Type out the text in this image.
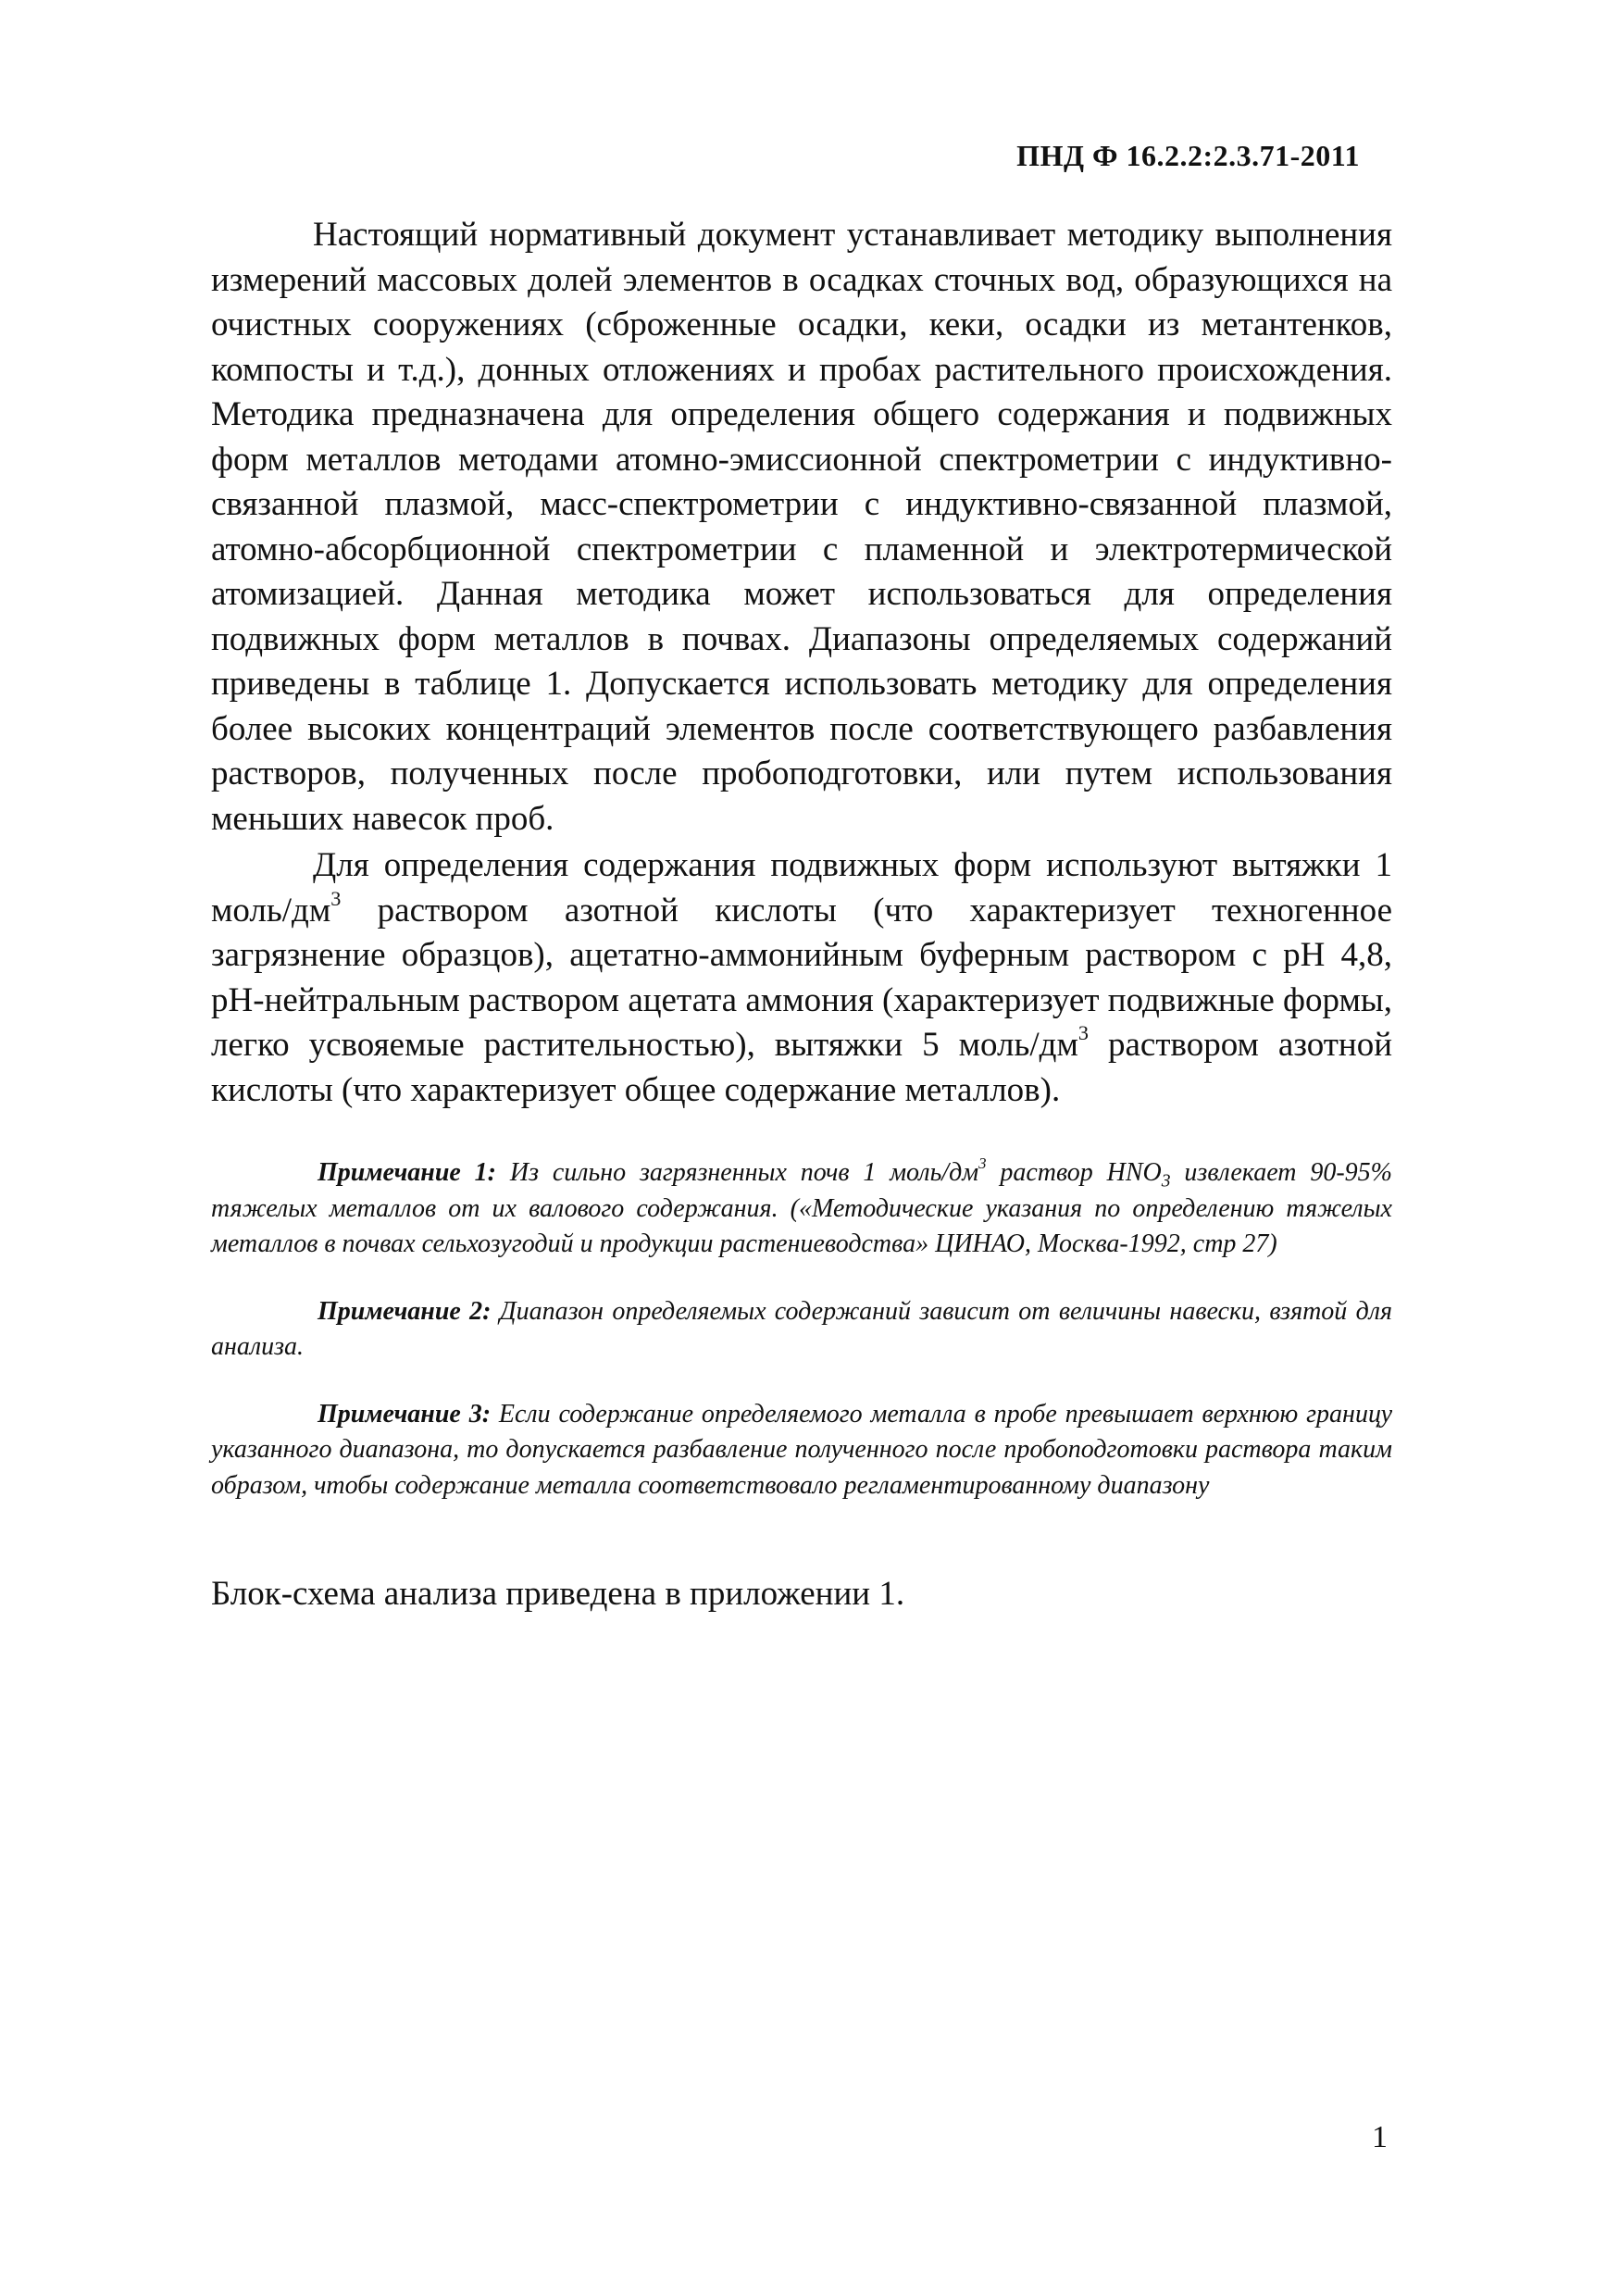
ПНД Ф 16.2.2:2.3.71-2011

Настоящий нормативный документ устанавливает методику выполнения измерений массовых долей элементов в осадках сточных вод, образующихся на очистных сооружениях (сброженные осадки, кеки, осадки из метантенков, компосты и т.д.), донных отложениях и пробах растительного происхождения. Методика предназначена для определения общего содержания и подвижных форм металлов методами атомно-эмиссионной спектрометрии с индуктивно-связанной плазмой, масс-спектрометрии с индуктивно-связанной плазмой, атомно-абсорбционной спектрометрии с пламенной и электротермической атомизацией. Данная методика может использоваться для определения подвижных форм металлов в почвах. Диапазоны определяемых содержаний приведены в таблице 1. Допускается использовать методику для определения более высоких концентраций элементов после соответствующего разбавления растворов, полученных после пробоподготовки, или путем использования меньших навесок проб.

Для определения содержания подвижных форм используют вытяжки 1 моль/$дм^3$ раствором азотной кислоты (что характеризует техногенное загрязнение образцов), ацетатно-аммонийным буферным раствором с pH 4,8, pH-нейтральным раствором ацетата аммония (характеризует подвижные формы, легко усвояемые растительностью), вытяжки 5 моль/$дм^3$ раствором азотной кислоты (что характеризует общее содержание металлов).

Примечание 1: Из сильно загрязненных почв 1 моль/$дм^3$ раствор $HNO_3$ извлекает 90-95% тяжелых металлов от их валового содержания. («Методические указания по определению тяжелых металлов в почвах сельхозугодий и продукции растениеводства» ЦИНАО, Москва-1992, стр 27)

Примечание 2: Диапазон определяемых содержаний зависит от величины навески, взятой для анализа.

Примечание 3: Если содержание определяемого металла в пробе превышает верхнюю границу указанного диапазона, то допускается разбавление полученного после пробоподготовки раствора таким образом, чтобы содержание металла соответствовало регламентированному диапазону

Блок-схема анализа приведена в приложении 1.

1
